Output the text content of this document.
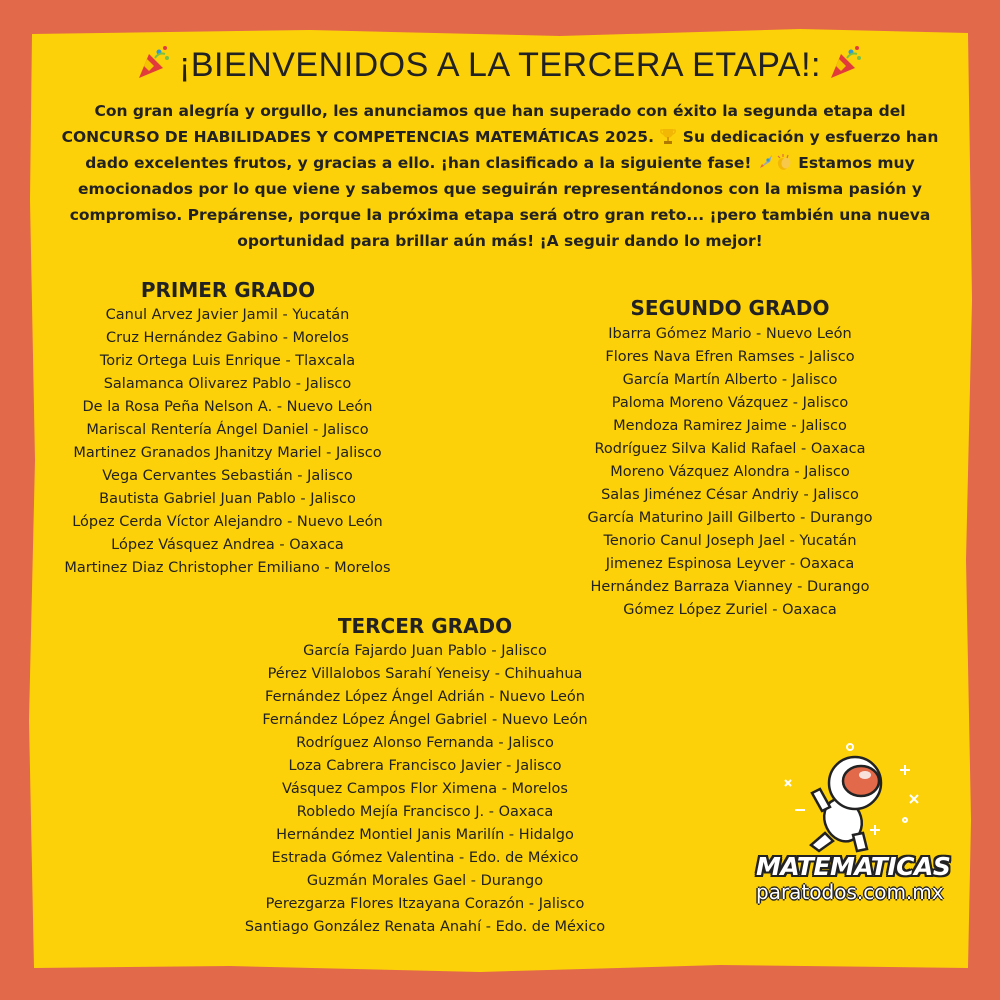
¡BIENVENIDOS A LA TERCERA ETAPA!:
Con gran alegría y orgullo, les anunciamos que han superado con éxito la segunda etapa del CONCURSO DE HABILIDADES Y COMPETENCIAS MATEMÁTICAS 2025. Su dedicación y esfuerzo han dado excelentes frutos, y gracias a ello. ¡han clasificado a la siguiente fase!	Estamos muy emocionados por lo que viene y sabemos que seguirán representándonos con la misma pasión y compromiso. Prepárense, porque la próxima etapa será otro gran reto... ¡pero también una nueva oportunidad para brillar aún más! ¡A seguir dando lo mejor!
PRIMER GRADO
Canul Arvez Javier Jamil - Yucatán
Cruz Hernández Gabino - Morelos
Toriz Ortega Luis Enrique - Tlaxcala
Salamanca Olivarez Pablo - Jalisco
De la Rosa Peña Nelson A. - Nuevo León
Mariscal Rentería Ángel Daniel - Jalisco
Martinez Granados Jhanitzy Mariel - Jalisco
Vega Cervantes Sebastián - Jalisco
Bautista Gabriel Juan Pablo - Jalisco
López Cerda Víctor Alejandro - Nuevo León
López Vásquez Andrea - Oaxaca
Martinez Diaz Christopher Emiliano - Morelos
SEGUNDO GRADO
Ibarra Gómez Mario - Nuevo León
Flores Nava Efren Ramses - Jalisco
García Martín Alberto - Jalisco
Paloma Moreno Vázquez - Jalisco
Mendoza Ramirez Jaime - Jalisco
Rodríguez Silva Kalid Rafael - Oaxaca
Moreno Vázquez Alondra - Jalisco
Salas Jiménez César Andriy - Jalisco
García Maturino Jaill Gilberto - Durango
Tenorio Canul Joseph Jael - Yucatán
Jimenez Espinosa Leyver - Oaxaca
Hernández Barraza Vianney - Durango
Gómez López Zuriel - Oaxaca
TERCER GRADO
García Fajardo Juan Pablo - Jalisco
Pérez Villalobos Sarahí Yeneisy - Chihuahua
Fernández López Ángel Adrián - Nuevo León
Fernández López Ángel Gabriel - Nuevo León
Rodríguez Alonso Fernanda - Jalisco
Loza Cabrera Francisco Javier - Jalisco
Vásquez Campos Flor Ximena - Morelos
Robledo Mejía Francisco J. - Oaxaca
Hernández Montiel Janis Marilín - Hidalgo
Estrada Gómez Valentina - Edo. de México
Guzmán Morales Gael - Durango
Perezgarza Flores Itzayana Corazón - Jalisco
Santiago González Renata Anahí - Edo. de México
MATEMATICAS
paratodos.com.mx
